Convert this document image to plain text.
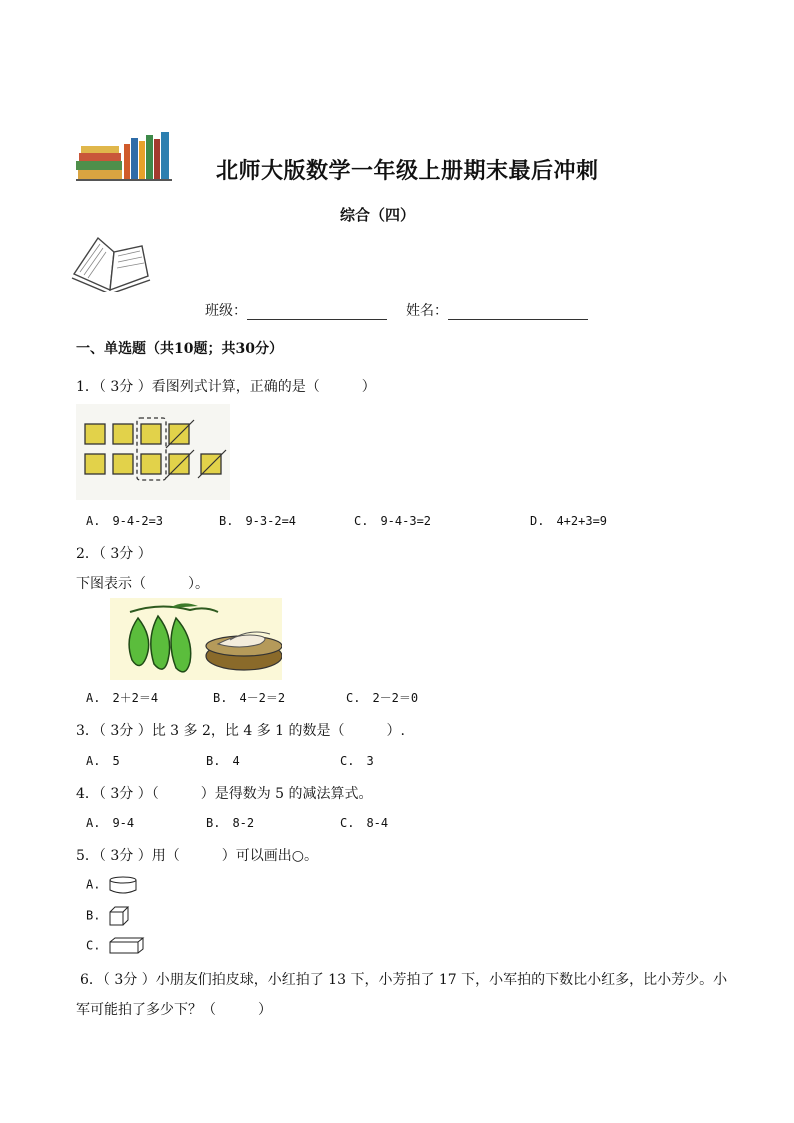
北师大版数学一年级上册期末最后冲刺
综合（四）
班级：	姓名：
一、单选题（共10题；共30分）
1．（ 3分 ）看图列式计算，正确的是（　　　）
A.　9-4-2=3	B.　9-3-2=4	C.　9-4-3=2	D.　4+2+3=9
2．（ 3分 ）
下图表示（　　　）。
A.　2＋2＝4	B.　4－2＝2	C.　2－2＝0
3．（ 3分 ）比 3 多 2，比 4 多 1 的数是（　　　）.
A.　5	B.　4	C.　3
4．（ 3分 ）（　　　）是得数为 5 的减法算式。
A.　9-4	B.　8-2	C.　8-4
5．（ 3分 ）用（　　　）可以画出○。
A.
B.
C.
6．（ 3分 ）小朋友们拍皮球，小红拍了 13 下，小芳拍了 17 下，小军拍的下数比小红多，比小芳少。小
军可能拍了多少下？（　　　）
